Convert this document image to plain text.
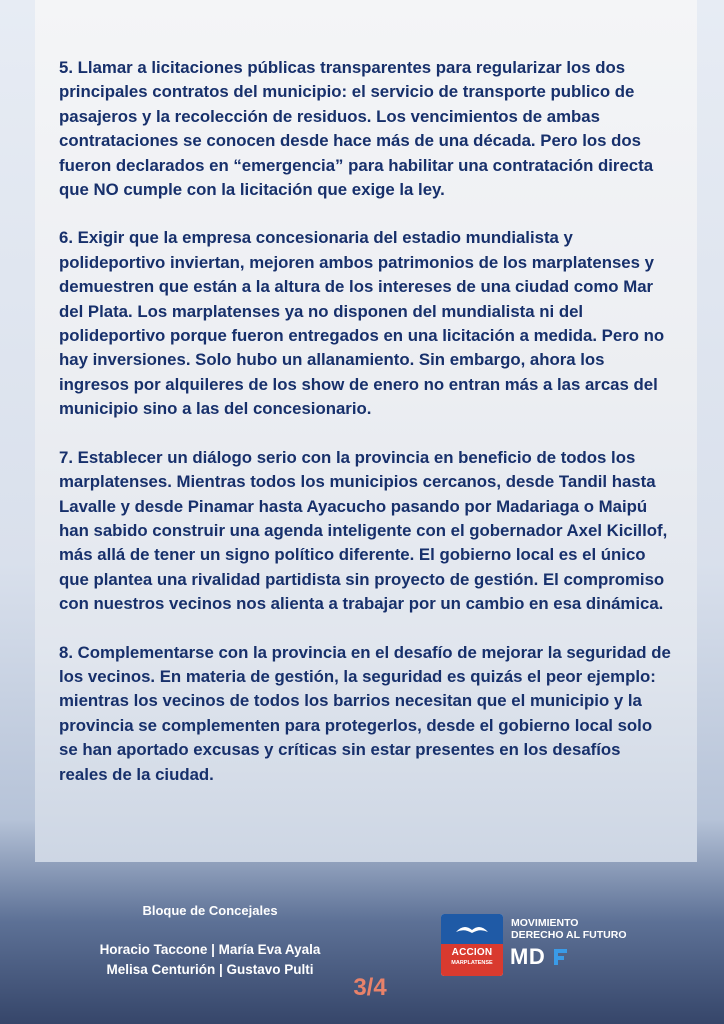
5. Llamar a licitaciones públicas transparentes para regularizar los dos principales contratos del municipio: el servicio de transporte publico de pasajeros y la recolección de residuos. Los vencimientos de ambas contrataciones se conocen desde hace más de una década. Pero los dos fueron declarados en “emergencia” para habilitar una contratación directa que NO cumple con la licitación que exige la ley.

6. Exigir que la empresa concesionaria del estadio mundialista y polideportivo inviertan, mejoren ambos patrimonios de los marplatenses y demuestren que están a la altura de los intereses de una ciudad como Mar del Plata. Los marplatenses ya no disponen del mundialista ni del polideportivo porque fueron entregados en una licitación a medida. Pero no hay inversiones. Solo hubo un allanamiento. Sin embargo, ahora los ingresos por alquileres de los show de enero no entran más a las arcas del municipio sino a las del concesionario.

7. Establecer un diálogo serio con la provincia en beneficio de todos los marplatenses. Mientras todos los municipios cercanos, desde Tandil hasta Lavalle y desde Pinamar hasta Ayacucho pasando por Madariaga o Maipú han sabido construir una agenda inteligente con el gobernador Axel Kicillof, más allá de tener un signo político diferente. El gobierno local es el único que plantea una rivalidad partidista sin proyecto de gestión. El compromiso con nuestros vecinos nos alienta a trabajar por un cambio en esa dinámica.

8. Complementarse con la provincia en el desafío de mejorar la seguridad de los vecinos. En materia de gestión, la seguridad es quizás el peor ejemplo: mientras los vecinos de todos los barrios necesitan que el municipio y la provincia se complementen para protegerlos, desde el gobierno local solo se han aportado excusas y críticas sin estar presentes en los desafíos reales de la ciudad.

Bloque de Concejales
Horacio Taccone | María Eva Ayala
Melisa Centurión | Gustavo Pulti
3/4
ACCION
MARPLATENSE
MOVIMIENTO
DERECHO AL FUTURO
MD
